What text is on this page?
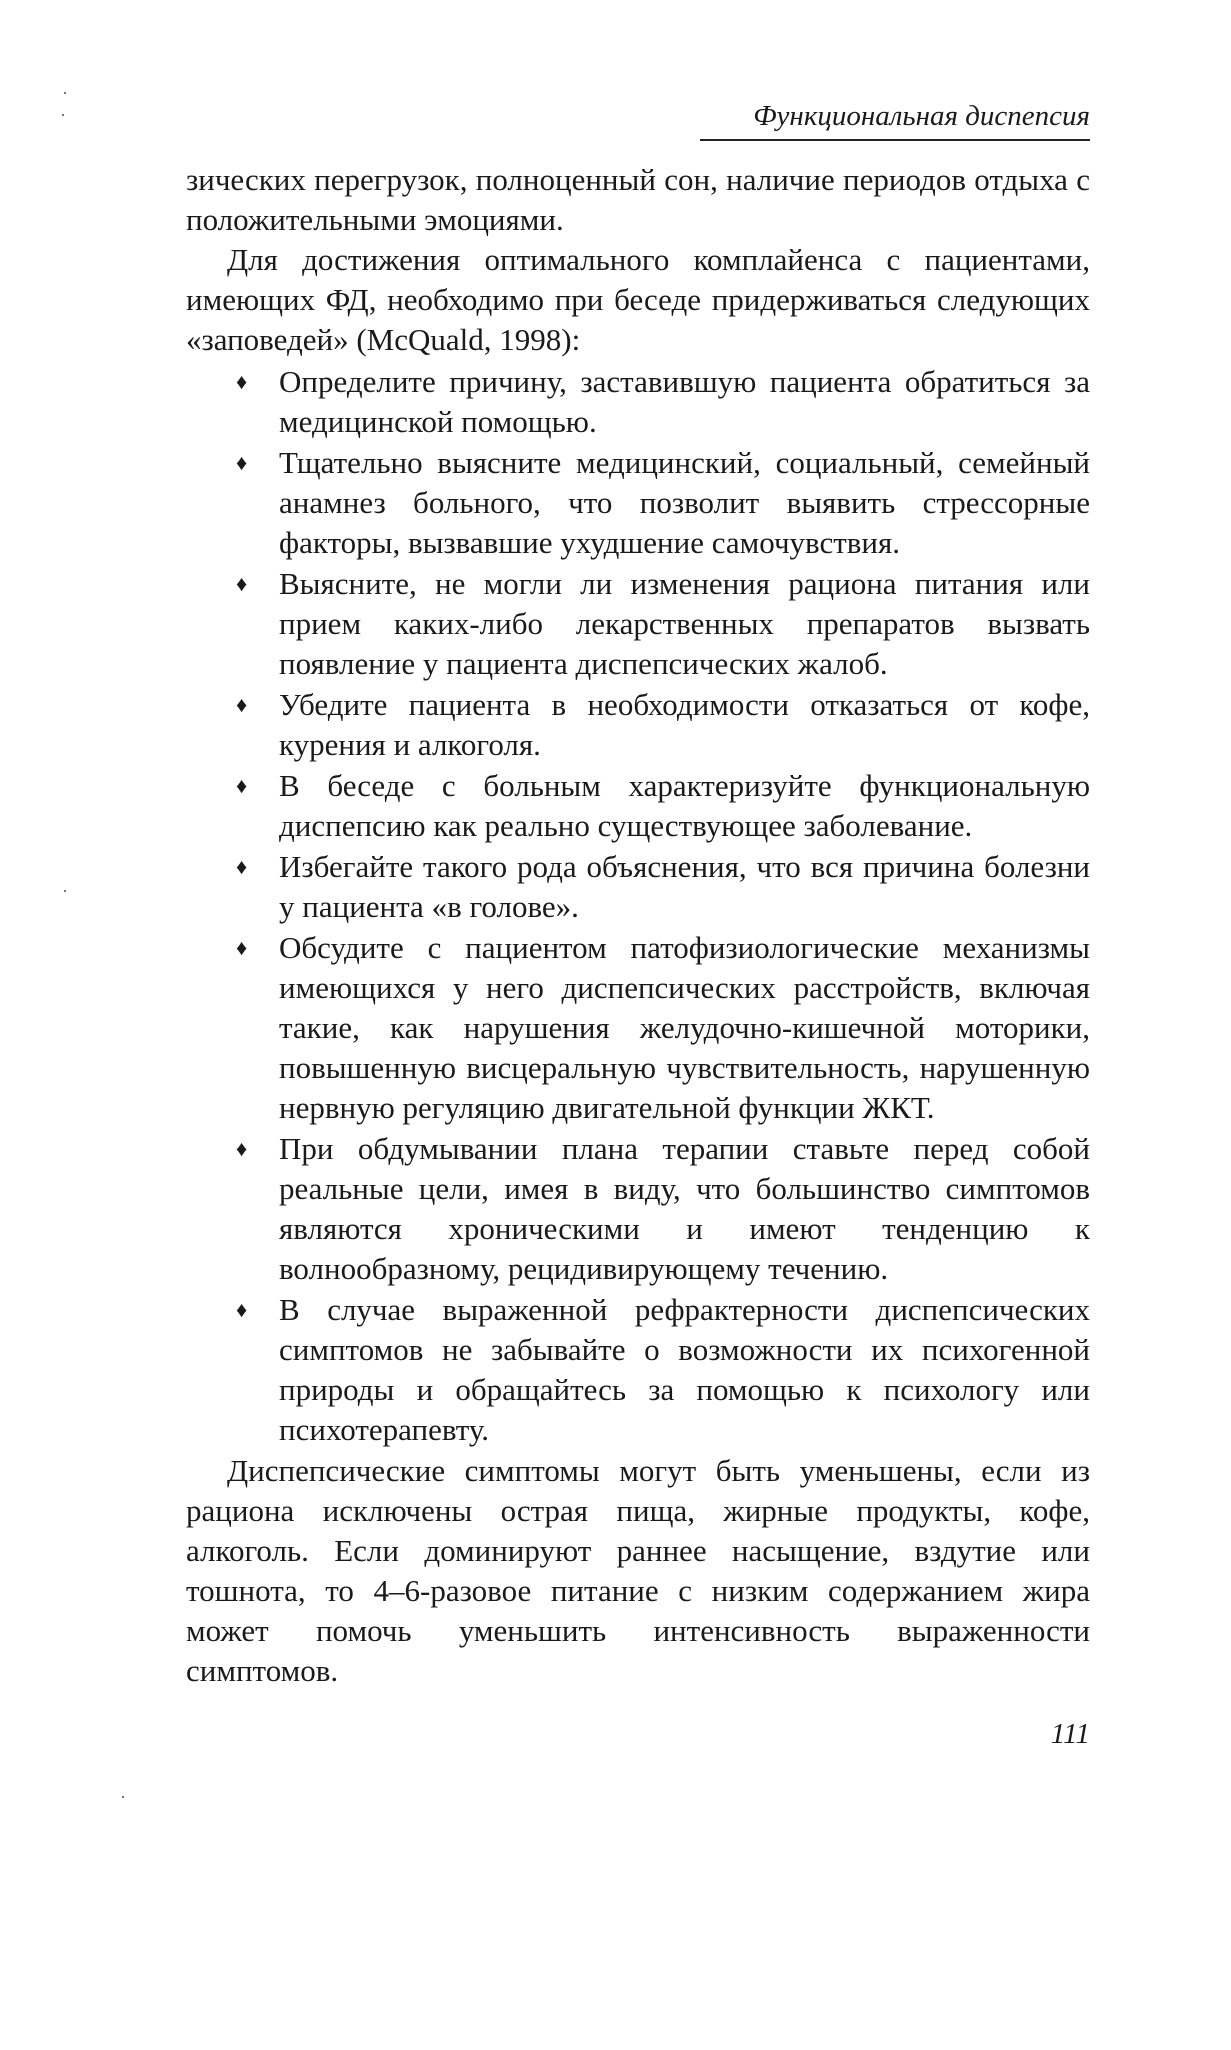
Функциональная диспепсия

зических перегрузок, полноценный сон, наличие периодов отдыха с положительными эмоциями.

Для достижения оптимального комплайенса с пациентами, имеющих ФД, необходимо при беседе придерживаться следующих «заповедей» (McQuald, 1998):

♦ Определите причину, заставившую пациента обратиться за медицинской помощью.
♦ Тщательно выясните медицинский, социальный, семейный анамнез больного, что позволит выявить стрессорные факторы, вызвавшие ухудшение самочувствия.
♦ Выясните, не могли ли изменения рациона питания или прием каких-либо лекарственных препаратов вызвать появление у пациента диспепсических жалоб.
♦ Убедите пациента в необходимости отказаться от кофе, курения и алкоголя.
♦ В беседе с больным характеризуйте функциональную диспепсию как реально существующее заболевание.
♦ Избегайте такого рода объяснения, что вся причина болезни у пациента «в голове».
♦ Обсудите с пациентом патофизиологические механизмы имеющихся у него диспепсических расстройств, включая такие, как нарушения желудочно-кишечной моторики, повышенную висцеральную чувствительность, нарушенную нервную регуляцию двигательной функции ЖКТ.
♦ При обдумывании плана терапии ставьте перед собой реальные цели, имея в виду, что большинство симптомов являются хроническими и имеют тенденцию к волнообразному, рецидивирующему течению.
♦ В случае выраженной рефрактерности диспепсических симптомов не забывайте о возможности их психогенной природы и обращайтесь за помощью к психологу или психотерапевту.

Диспепсические симптомы могут быть уменьшены, если из рациона исключены острая пища, жирные продукты, кофе, алкоголь. Если доминируют раннее насыщение, вздутие или тошнота, то 4–6-разовое питание с низким содержанием жира может помочь уменьшить интенсивность выраженности симптомов.

111
